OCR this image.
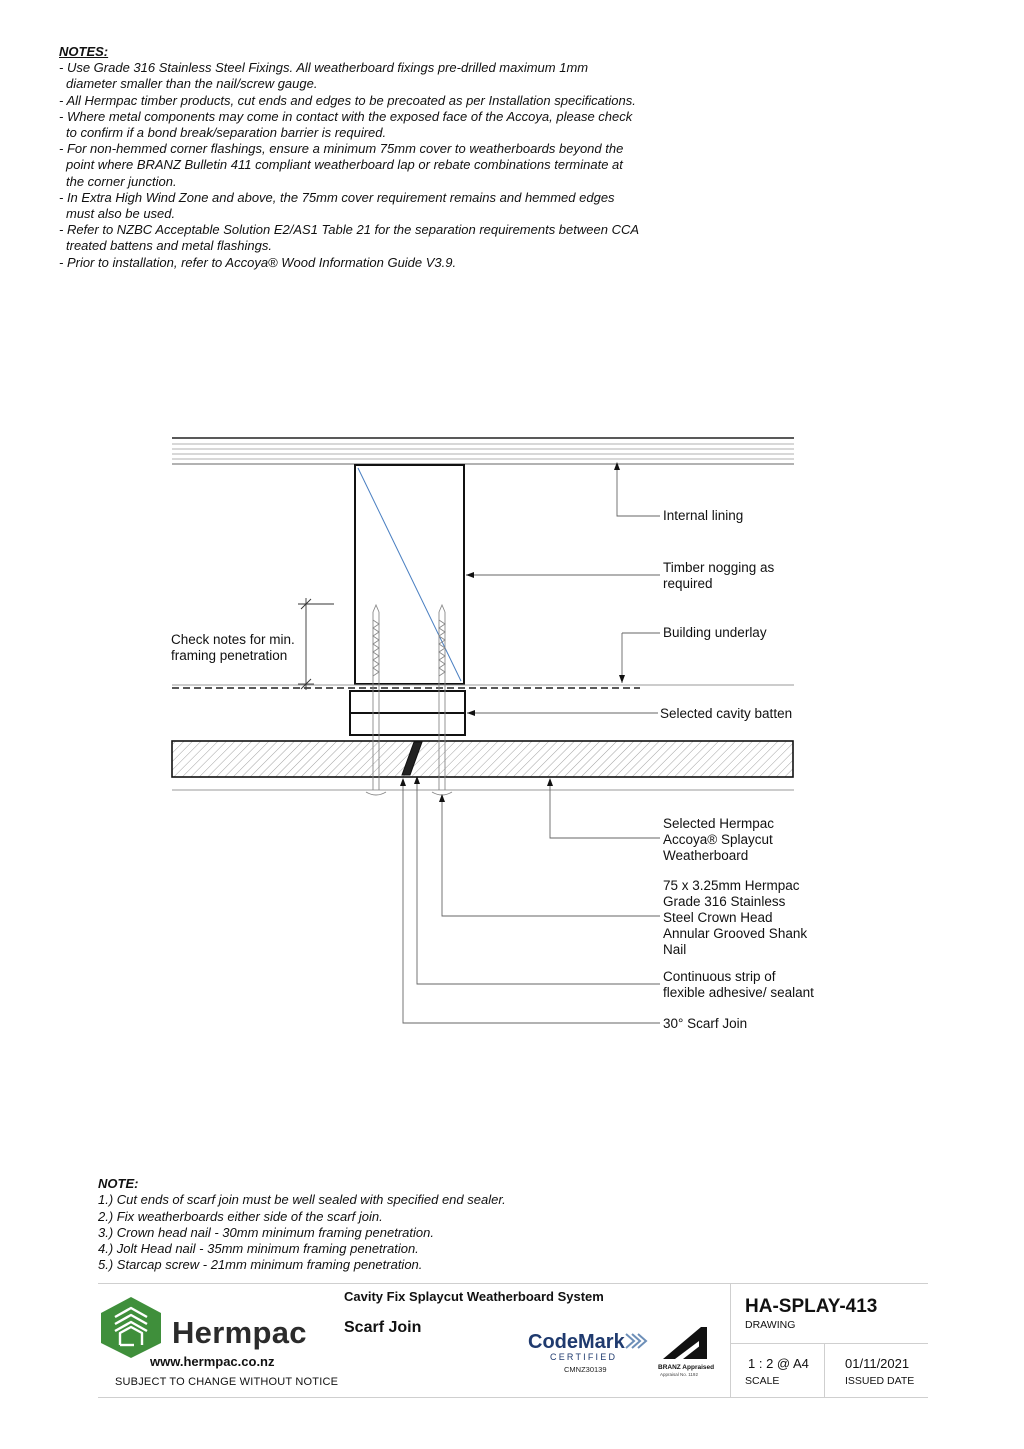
NOTES:
- Use Grade 316 Stainless Steel Fixings. All weatherboard fixings pre-drilled maximum 1mm
diameter smaller than the nail/screw gauge.
- All Hermpac timber products, cut ends and edges to be precoated as per Installation specifications.
- Where metal components may come in contact with the exposed face of the Accoya, please check
to confirm if a bond break/separation barrier is required.
- For non-hemmed corner flashings, ensure a minimum 75mm cover to weatherboards beyond the
point where BRANZ Bulletin 411 compliant weatherboard lap or rebate combinations terminate at
the corner junction.
- In Extra High Wind Zone and above, the 75mm cover requirement remains and hemmed edges
must also be used.
- Refer to NZBC Acceptable Solution E2/AS1 Table 21 for the separation requirements between CCA
treated battens and metal flashings.
- Prior to installation, refer to Accoya® Wood Information Guide V3.9.
Check notes for min.
framing penetration
Internal lining
Timber nogging as
required
Building underlay
Selected cavity batten
Selected Hermpac
Accoya® Splaycut
Weatherboard
75 x 3.25mm Hermpac
Grade 316 Stainless
Steel Crown Head
Annular Grooved Shank
Nail
Continuous strip of
flexible adhesive/ sealant
30° Scarf Join
NOTE:
1.) Cut ends of scarf join must be well sealed with specified end sealer.
2.) Fix weatherboards either side of the scarf join.
3.) Crown head nail - 30mm minimum framing penetration.
4.) Jolt Head nail - 35mm minimum framing penetration.
5.) Starcap screw - 21mm minimum framing penetration.
Hermpac
www.hermpac.co.nz
SUBJECT TO CHANGE WITHOUT NOTICE
Cavity Fix Splaycut Weatherboard System
Scarf Join
CodeMark
CERTIFIED
CMNZ30139	BRANZ Appraised
Appraisal No. 1192
HA-SPLAY-413
DRAWING
1 : 2 @ A4
SCALE
01/11/2021
ISSUED DATE
